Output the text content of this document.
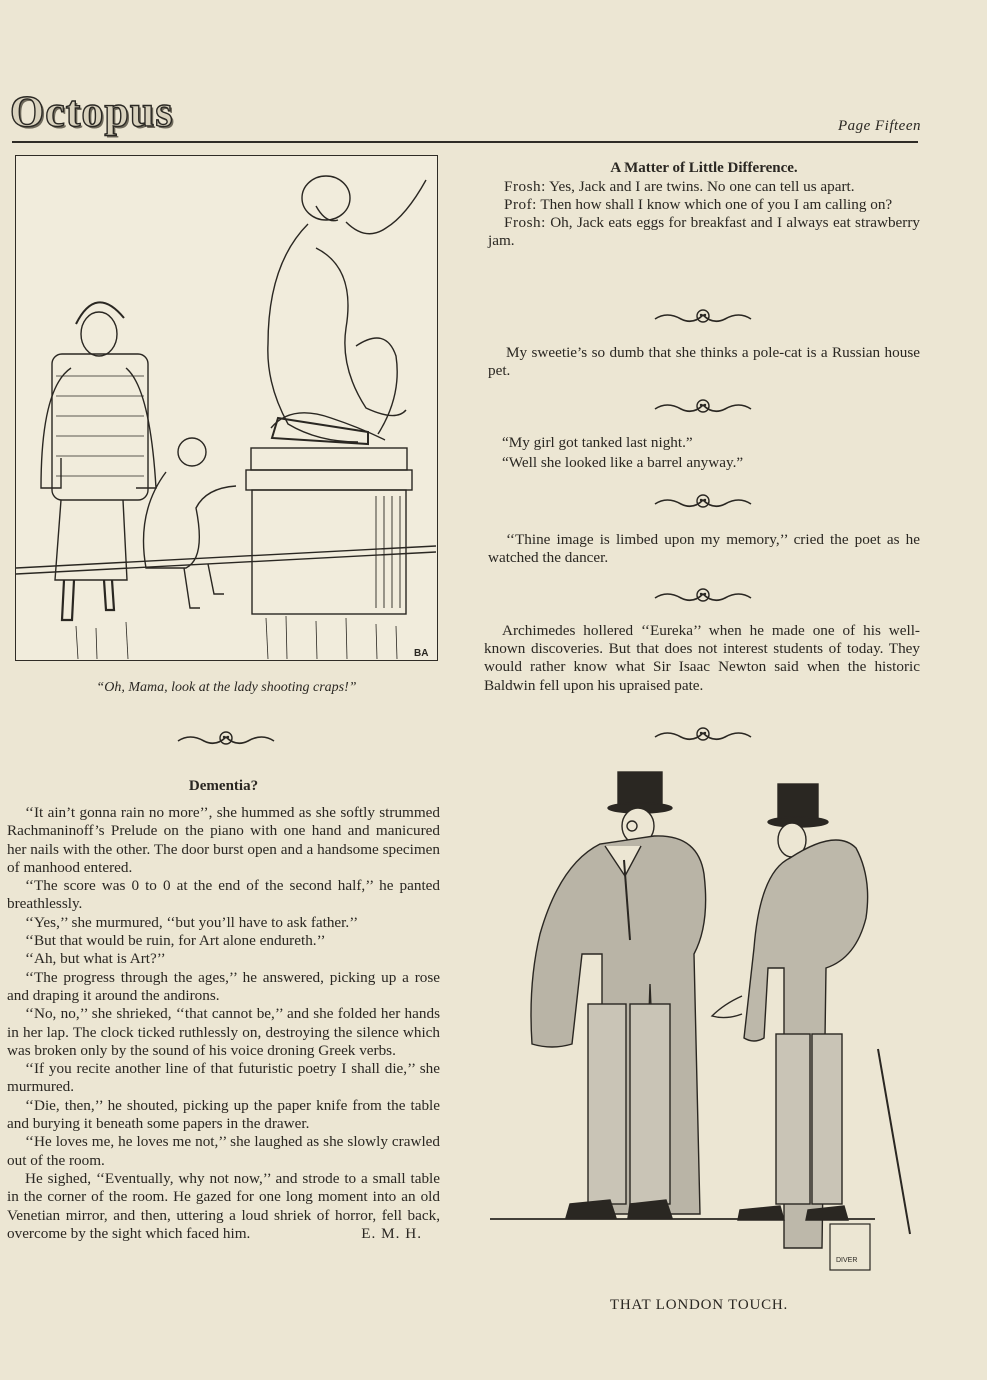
Octopus	Page Fifteen
BA
“Oh, Mama, look at the lady shooting craps!”
A Matter of Little Difference.
Frosh: Yes, Jack and I are twins. No one can tell us apart.
Prof: Then how shall I know which one of you I am calling on?
Frosh: Oh, Jack eats eggs for breakfast and I always eat strawberry jam.

My sweetie’s so dumb that she thinks a pole-cat is a Russian house pet.

“My girl got tanked last night.”

“Well she looked like a barrel anyway.”

‘‘Thine image is limbed upon my memory,’’ cried the poet as he watched the dancer.

Archimedes hollered ‘‘Eureka’’ when he made one of his well-known discoveries. But that does not interest students of today. They would rather know what Sir Isaac Newton said when the historic Baldwin fell upon his upraised pate.

Dementia?

‘‘It ain’t gonna rain no more’’, she hummed as she softly strummed Rachmaninoff’s Prelude on the piano with one hand and manicured her nails with the other. The door burst open and a handsome specimen of manhood entered.

‘‘The score was 0 to 0 at the end of the second half,’’ he panted breathlessly.

‘‘Yes,’’ she murmured, ‘‘but you’ll have to ask father.’’

‘‘But that would be ruin, for Art alone endureth.’’

‘‘Ah, but what is Art?’’

‘‘The progress through the ages,’’ he answered, picking up a rose and draping it around the andirons.

‘‘No, no,’’ she shrieked, ‘‘that cannot be,’’ and she folded her hands in her lap. The clock ticked ruthlessly on, destroying the silence which was broken only by the sound of his voice droning Greek verbs.

‘‘If you recite another line of that futuristic poetry I shall die,’’ she murmured.

‘‘Die, then,’’ he shouted, picking up the paper knife from the table and burying it beneath some papers in the drawer.

‘‘He loves me, he loves me not,’’ she laughed as she slowly crawled out of the room.

He sighed, ‘‘Eventually, why not now,’’ and strode to a small table in the corner of the room. He gazed for one long moment into an old Venetian mirror, and then, uttering a loud shriek of horror, fell back, overcome by the sight which faced him.	E. M. H.

DIVER
THAT LONDON TOUCH.
